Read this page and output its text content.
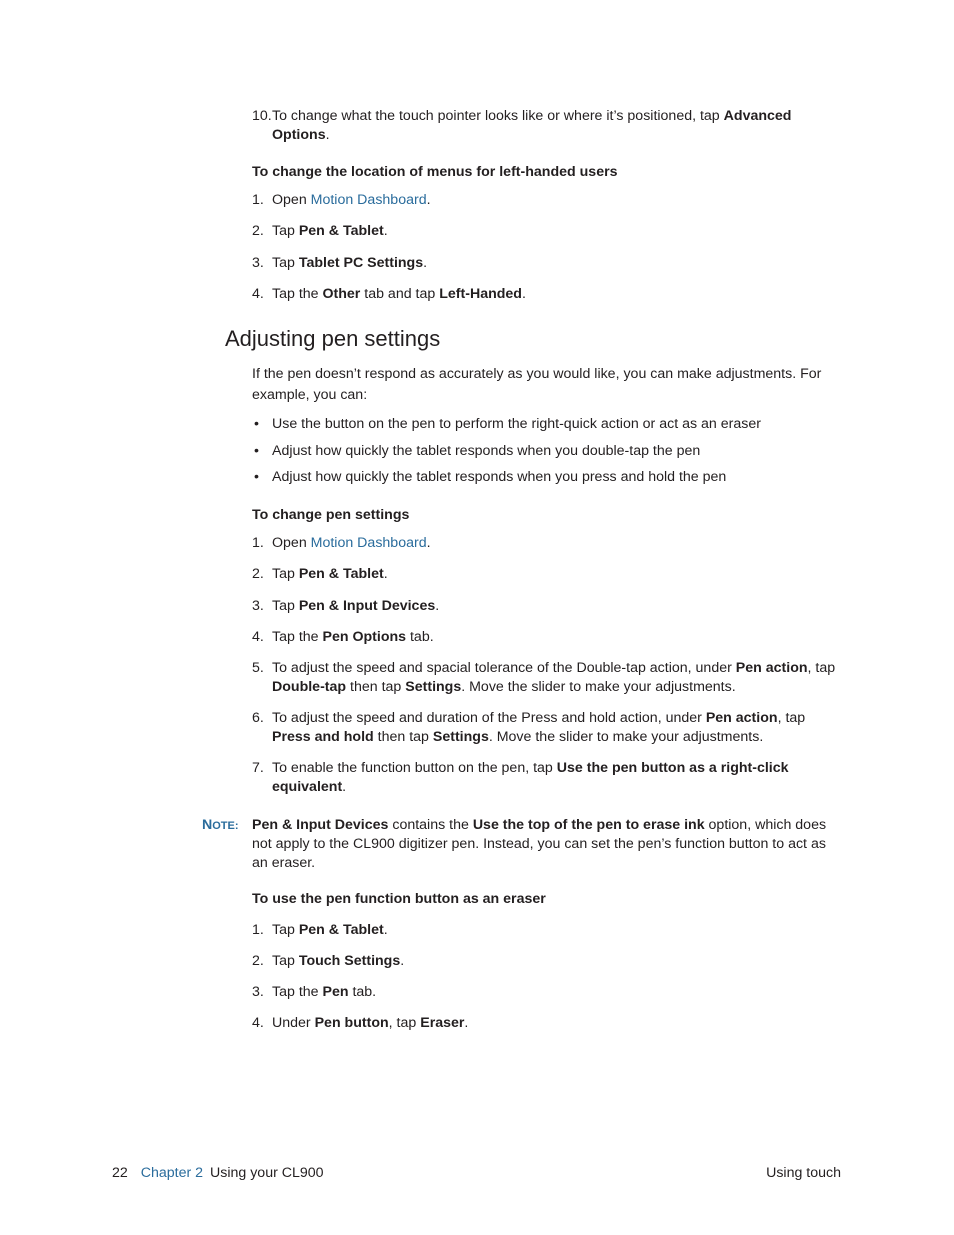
10. To change what the touch pointer looks like or where it’s positioned, tap Advanced Options.
To change the location of menus for left-handed users
1. Open Motion Dashboard.
2. Tap Pen & Tablet.
3. Tap Tablet PC Settings.
4. Tap the Other tab and tap Left-Handed.
Adjusting pen settings
If the pen doesn’t respond as accurately as you would like, you can make adjustments. For example, you can:
• Use the button on the pen to perform the right-quick action or act as an eraser
• Adjust how quickly the tablet responds when you double-tap the pen
• Adjust how quickly the tablet responds when you press and hold the pen
To change pen settings
1. Open Motion Dashboard.
2. Tap Pen & Tablet.
3. Tap Pen & Input Devices.
4. Tap the Pen Options tab.
5. To adjust the speed and spacial tolerance of the Double-tap action, under Pen action, tap Double-tap then tap Settings. Move the slider to make your adjustments.
6. To adjust the speed and duration of the Press and hold action, under Pen action, tap Press and hold then tap Settings. Move the slider to make your adjustments.
7. To enable the function button on the pen, tap Use the pen button as a right-click equivalent.
NOTE: Pen & Input Devices contains the Use the top of the pen to erase ink option, which does not apply to the CL900 digitizer pen. Instead, you can set the pen’s function button to act as an eraser.
To use the pen function button as an eraser
1. Tap Pen & Tablet.
2. Tap Touch Settings.
3. Tap the Pen tab.
4. Under Pen button, tap Eraser.
22 Chapter 2 Using your CL900	Using touch
